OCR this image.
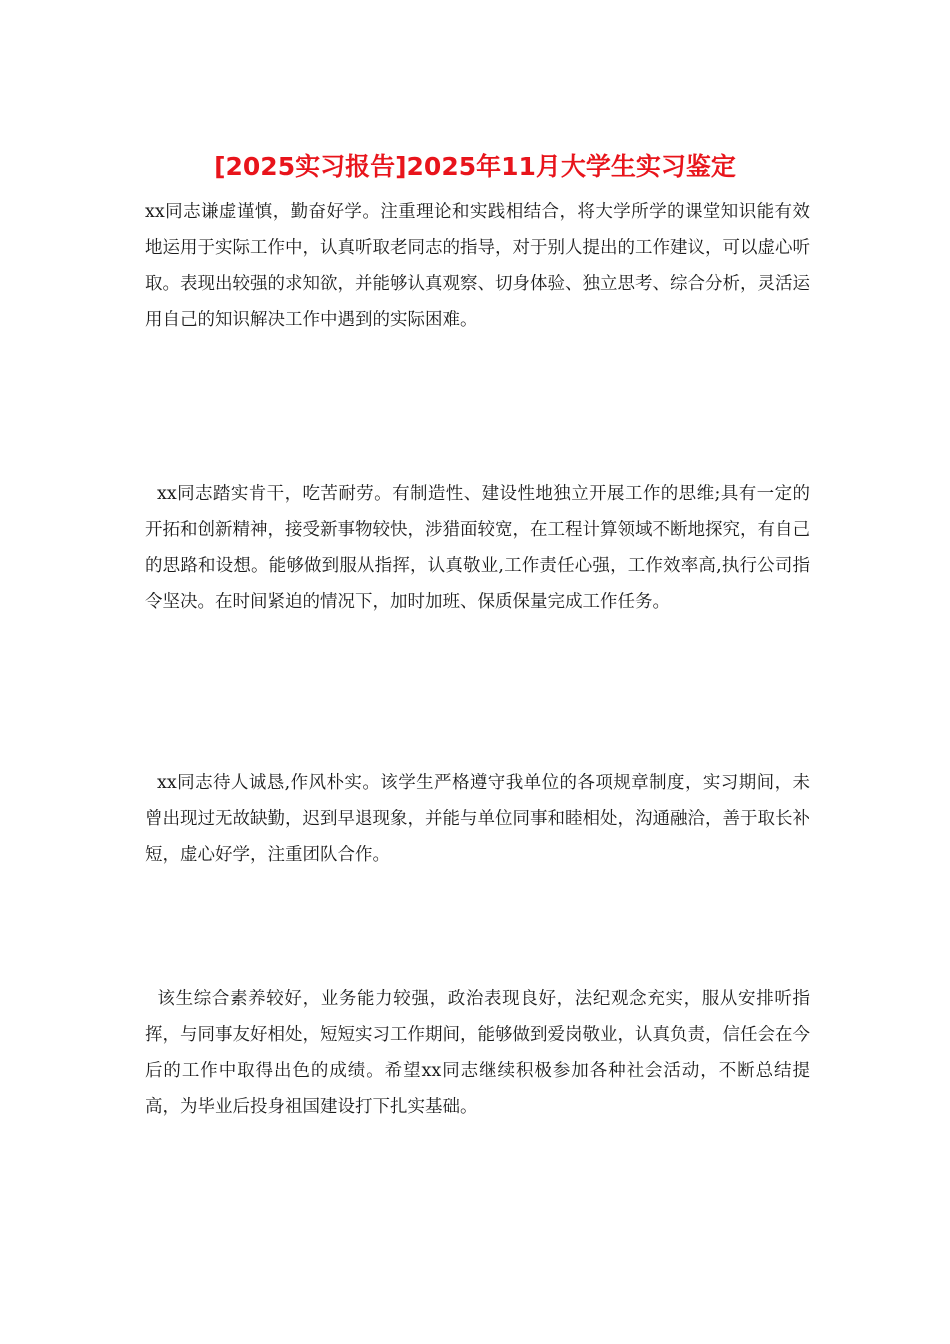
[2025实习报告]2025年11月大学生实习鉴定

xx同志谦虚谨慎，勤奋好学。注重理论和实践相结合，将大学所学的课堂知识能有效地运用于实际工作中，认真听取老同志的指导，对于别人提出的工作建议，可以虚心听取。表现出较强的求知欲，并能够认真观察、切身体验、独立思考、综合分析，灵活运用自己的知识解决工作中遇到的实际困难。

xx同志踏实肯干，吃苦耐劳。有制造性、建设性地独立开展工作的思维;具有一定的开拓和创新精神，接受新事物较快，涉猎面较宽，在工程计算领域不断地探究，有自己的思路和设想。能够做到服从指挥，认真敬业,工作责任心强，工作效率高,执行公司指令坚决。在时间紧迫的情况下，加时加班、保质保量完成工作任务。

xx同志待人诚恳,作风朴实。该学生严格遵守我单位的各项规章制度，实习期间，未曾出现过无故缺勤，迟到早退现象，并能与单位同事和睦相处，沟通融洽，善于取长补短，虚心好学，注重团队合作。

该生综合素养较好，业务能力较强，政治表现良好，法纪观念充实，服从安排听指挥，与同事友好相处，短短实习工作期间，能够做到爱岗敬业，认真负责，信任会在今后的工作中取得出色的成绩。希望xx同志继续积极参加各种社会活动，不断总结提高，为毕业后投身祖国建设打下扎实基础。
